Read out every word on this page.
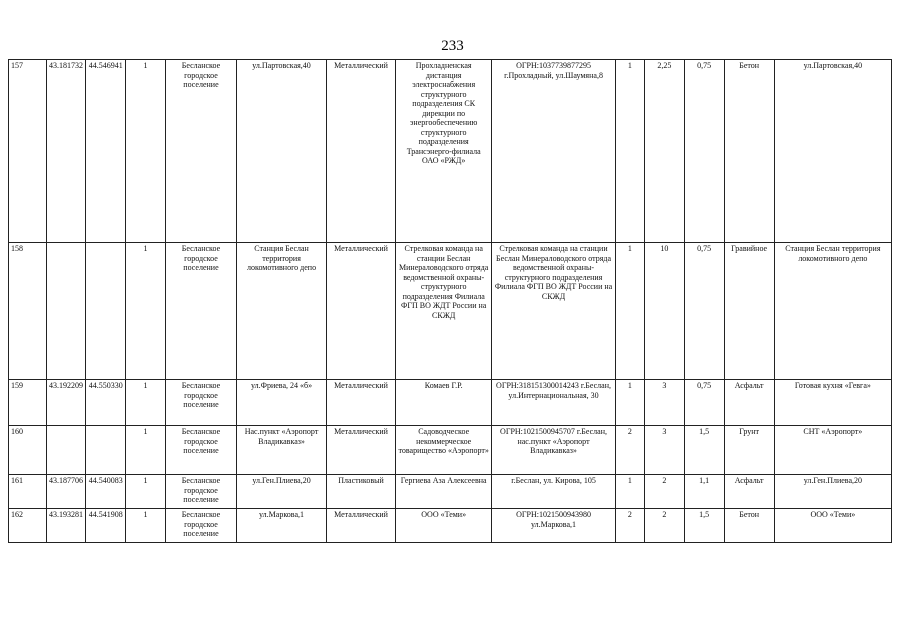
233
157	43.181732	44.546941	1	Бесланское городское поселение	ул.Партовская,40	Металлический	Прохладненская дистанция электроснабжения структурного подразделения СК дирекции по энергообеспечению структурного подразделения Трансэнерго-филиала ОАО «РЖД»	ОГРН:1037739877295 г.Прохладный, ул.Шаумяна,8	1	2,25	0,75	Бетон	ул.Партовская,40
158			1	Бесланское городское поселение	Станция Беслан территория локомотивного депо	Металлический	Стрелковая команда на станции Беслан Минераловодского отряда ведомственной охраны-структурного подразделения Филиала ФГП ВО ЖДТ России на СКЖД	Стрелковая команда на станции Беслан Минераловодского отряда ведомственной охраны-структурного подразделения Филиала ФГП ВО ЖДТ России на СКЖД	1	10	0,75	Гравийное	Станция Беслан территория локомотивного депо
159	43.192209	44.550330	1	Бесланское городское поселение	ул.Фриева, 24 «б»	Металлический	Комаев Г.Р.	ОГРН:318151300014243 г.Беслан, ул.Интернациональная, 30	1	3	0,75	Асфальт	Готовая кухня «Гевга»
160			1	Бесланское городское поселение	Нас.пункт «Аэропорт Владикавказ»	Металлический	Садоводческое некоммерческое товарищество «Аэропорт»	ОГРН:1021500945707 г.Беслан, нас.пункт «Аэропорт Владикавказ»	2	3	1,5	Грунт	СНТ «Аэропорт»
161	43.187706	44.540083	1	Бесланское городское поселение	ул.Ген.Плиева,20	Пластиковый	Гергиева Аза Алексеевна	г.Беслан, ул. Кирова, 105	1	2	1,1	Асфальт	ул.Ген.Плиева,20
162	43.193281	44.541908	1	Бесланское городское поселение	ул.Маркова,1	Металлический	ООО «Теми»	ОГРН:1021500943980 ул.Маркова,1	2	2	1,5	Бетон	ООО «Теми»
